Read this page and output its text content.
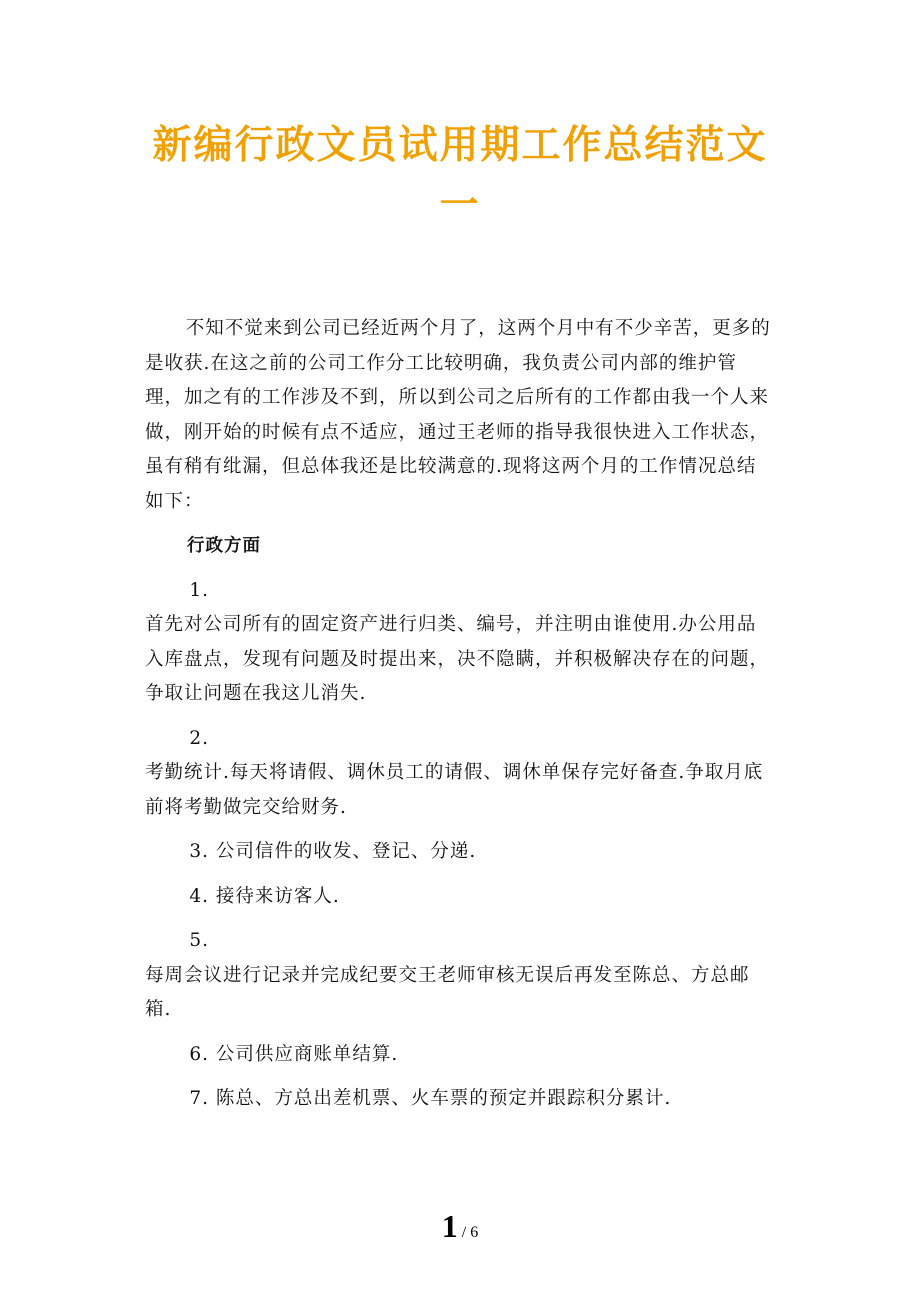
新编行政文员试用期工作总结范文一

不知不觉来到公司已经近两个月了，这两个月中有不少辛苦，更多的是收获.在这之前的公司工作分工比较明确，我负责公司内部的维护管理，加之有的工作涉及不到，所以到公司之后所有的工作都由我一个人来做，刚开始的时候有点不适应，通过王老师的指导我很快进入工作状态，虽有稍有纰漏，但总体我还是比较满意的.现将这两个月的工作情况总结如下：

行政方面

1.

首先对公司所有的固定资产进行归类、编号，并注明由谁使用.办公用品入库盘点，发现有问题及时提出来，决不隐瞒，并积极解决存在的问题，争取让问题在我这儿消失.

2.

考勤统计.每天将请假、调休员工的请假、调休单保存完好备查.争取月底前将考勤做完交给财务.

3. 公司信件的收发、登记、分递.

4. 接待来访客人.

5.

每周会议进行记录并完成纪要交王老师审核无误后再发至陈总、方总邮箱.

6. 公司供应商账单结算.

7. 陈总、方总出差机票、火车票的预定并跟踪积分累计.

1 / 6
